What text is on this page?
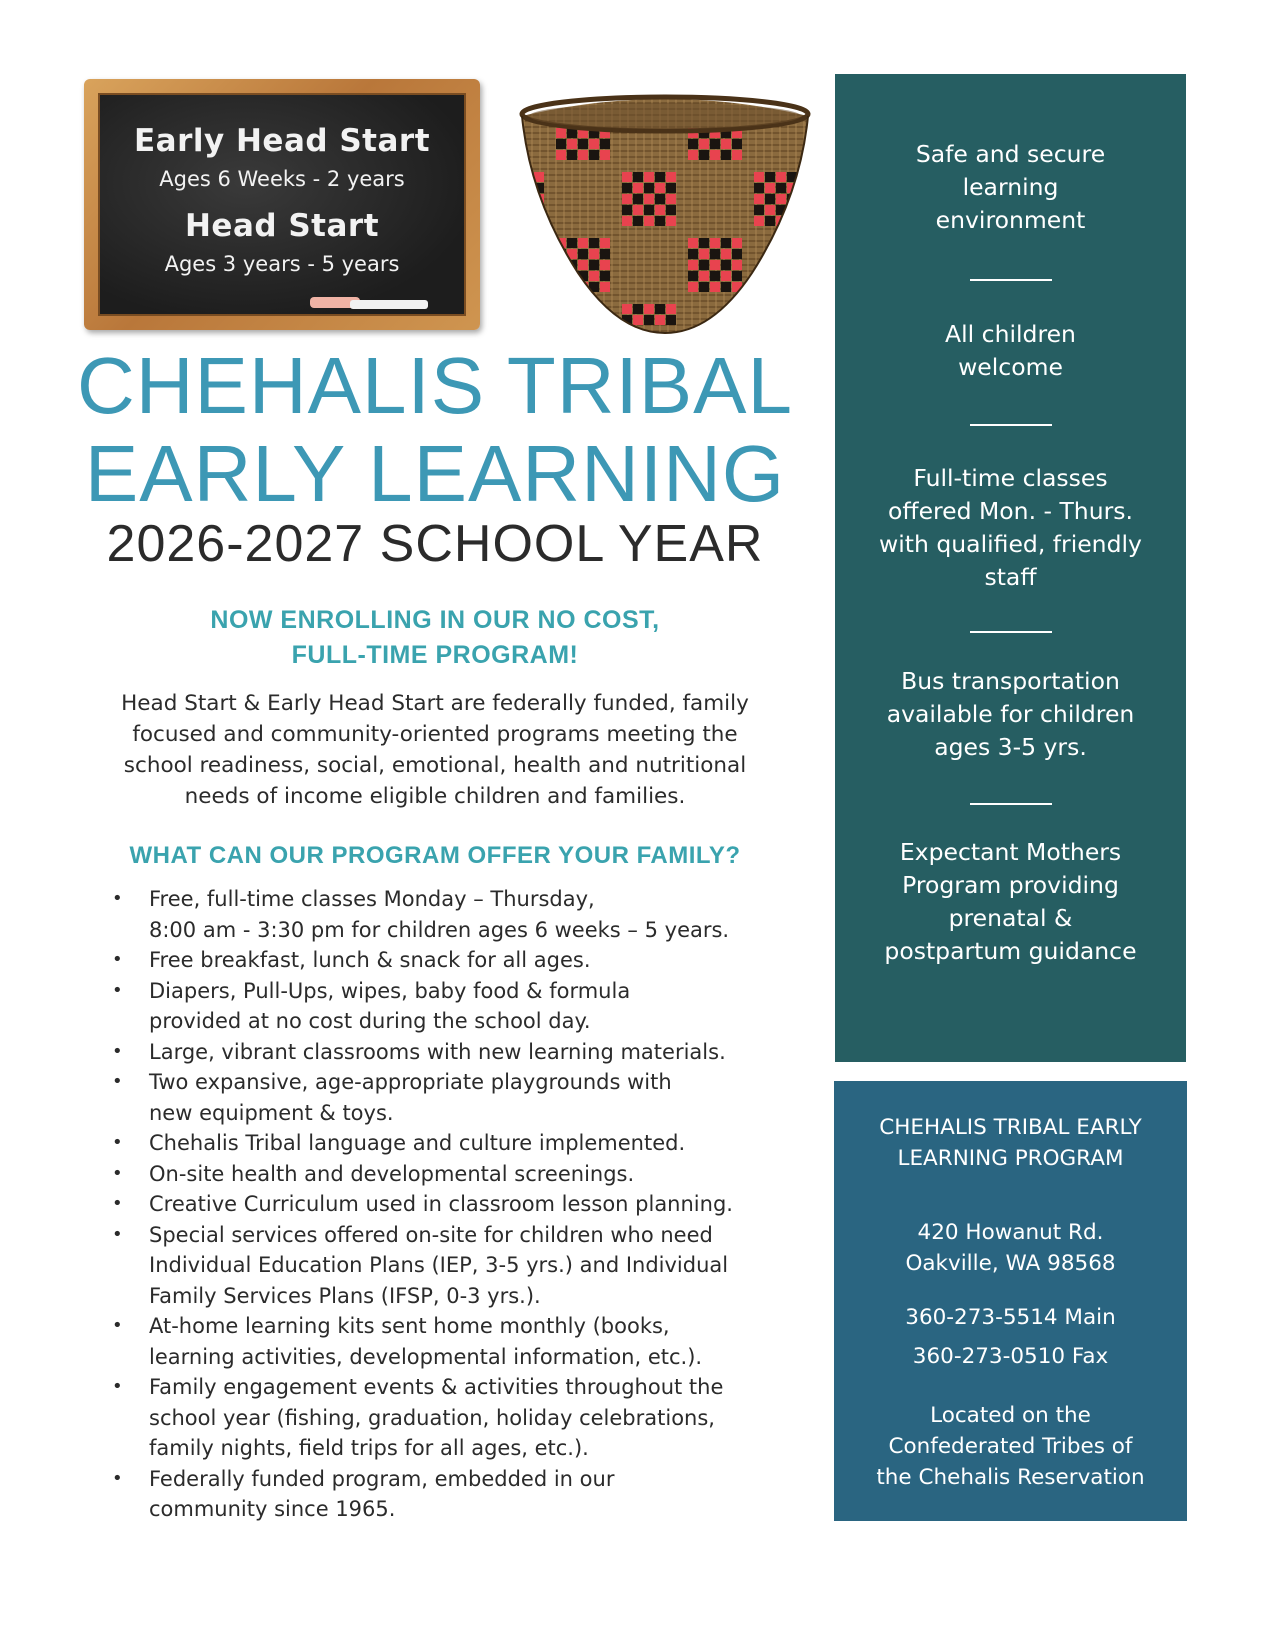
Early Head Start
Ages 6 Weeks - 2 years
Head Start
Ages 3 years - 5 years
CHEHALIS TRIBAL
EARLY LEARNING
2026-2027 SCHOOL YEAR
NOW ENROLLING IN OUR NO COST,
FULL-TIME PROGRAM!
Head Start & Early Head Start are federally funded, family
focused and community-oriented programs meeting the
school readiness, social, emotional, health and nutritional
needs of income eligible children and families.
WHAT CAN OUR PROGRAM OFFER YOUR FAMILY?
• Free, full-time classes Monday – Thursday,
8:00 am - 3:30 pm for children ages 6 weeks – 5 years.
• Free breakfast, lunch & snack for all ages.
• Diapers, Pull-Ups, wipes, baby food & formula
provided at no cost during the school day.
• Large, vibrant classrooms with new learning materials.
• Two expansive, age-appropriate playgrounds with
new equipment & toys.
• Chehalis Tribal language and culture implemented.
• On-site health and developmental screenings.
• Creative Curriculum used in classroom lesson planning.
• Special services offered on-site for children who need
Individual Education Plans (IEP, 3-5 yrs.) and Individual
Family Services Plans (IFSP, 0-3 yrs.).
• At-home learning kits sent home monthly (books,
learning activities, developmental information, etc.).
• Family engagement events & activities throughout the
school year (fishing, graduation, holiday celebrations,
family nights, field trips for all ages, etc.).
• Federally funded program, embedded in our
community since 1965.
Safe and secure
learning
environment
All children
welcome
Full-time classes
offered Mon. - Thurs.
with qualified, friendly
staff
Bus transportation
available for children
ages 3-5 yrs.
Expectant Mothers
Program providing
prenatal &
postpartum guidance
CHEHALIS TRIBAL EARLY
LEARNING PROGRAM
420 Howanut Rd.
Oakville, WA 98568
360-273-5514 Main
360-273-0510 Fax
Located on the
Confederated Tribes of
the Chehalis Reservation
